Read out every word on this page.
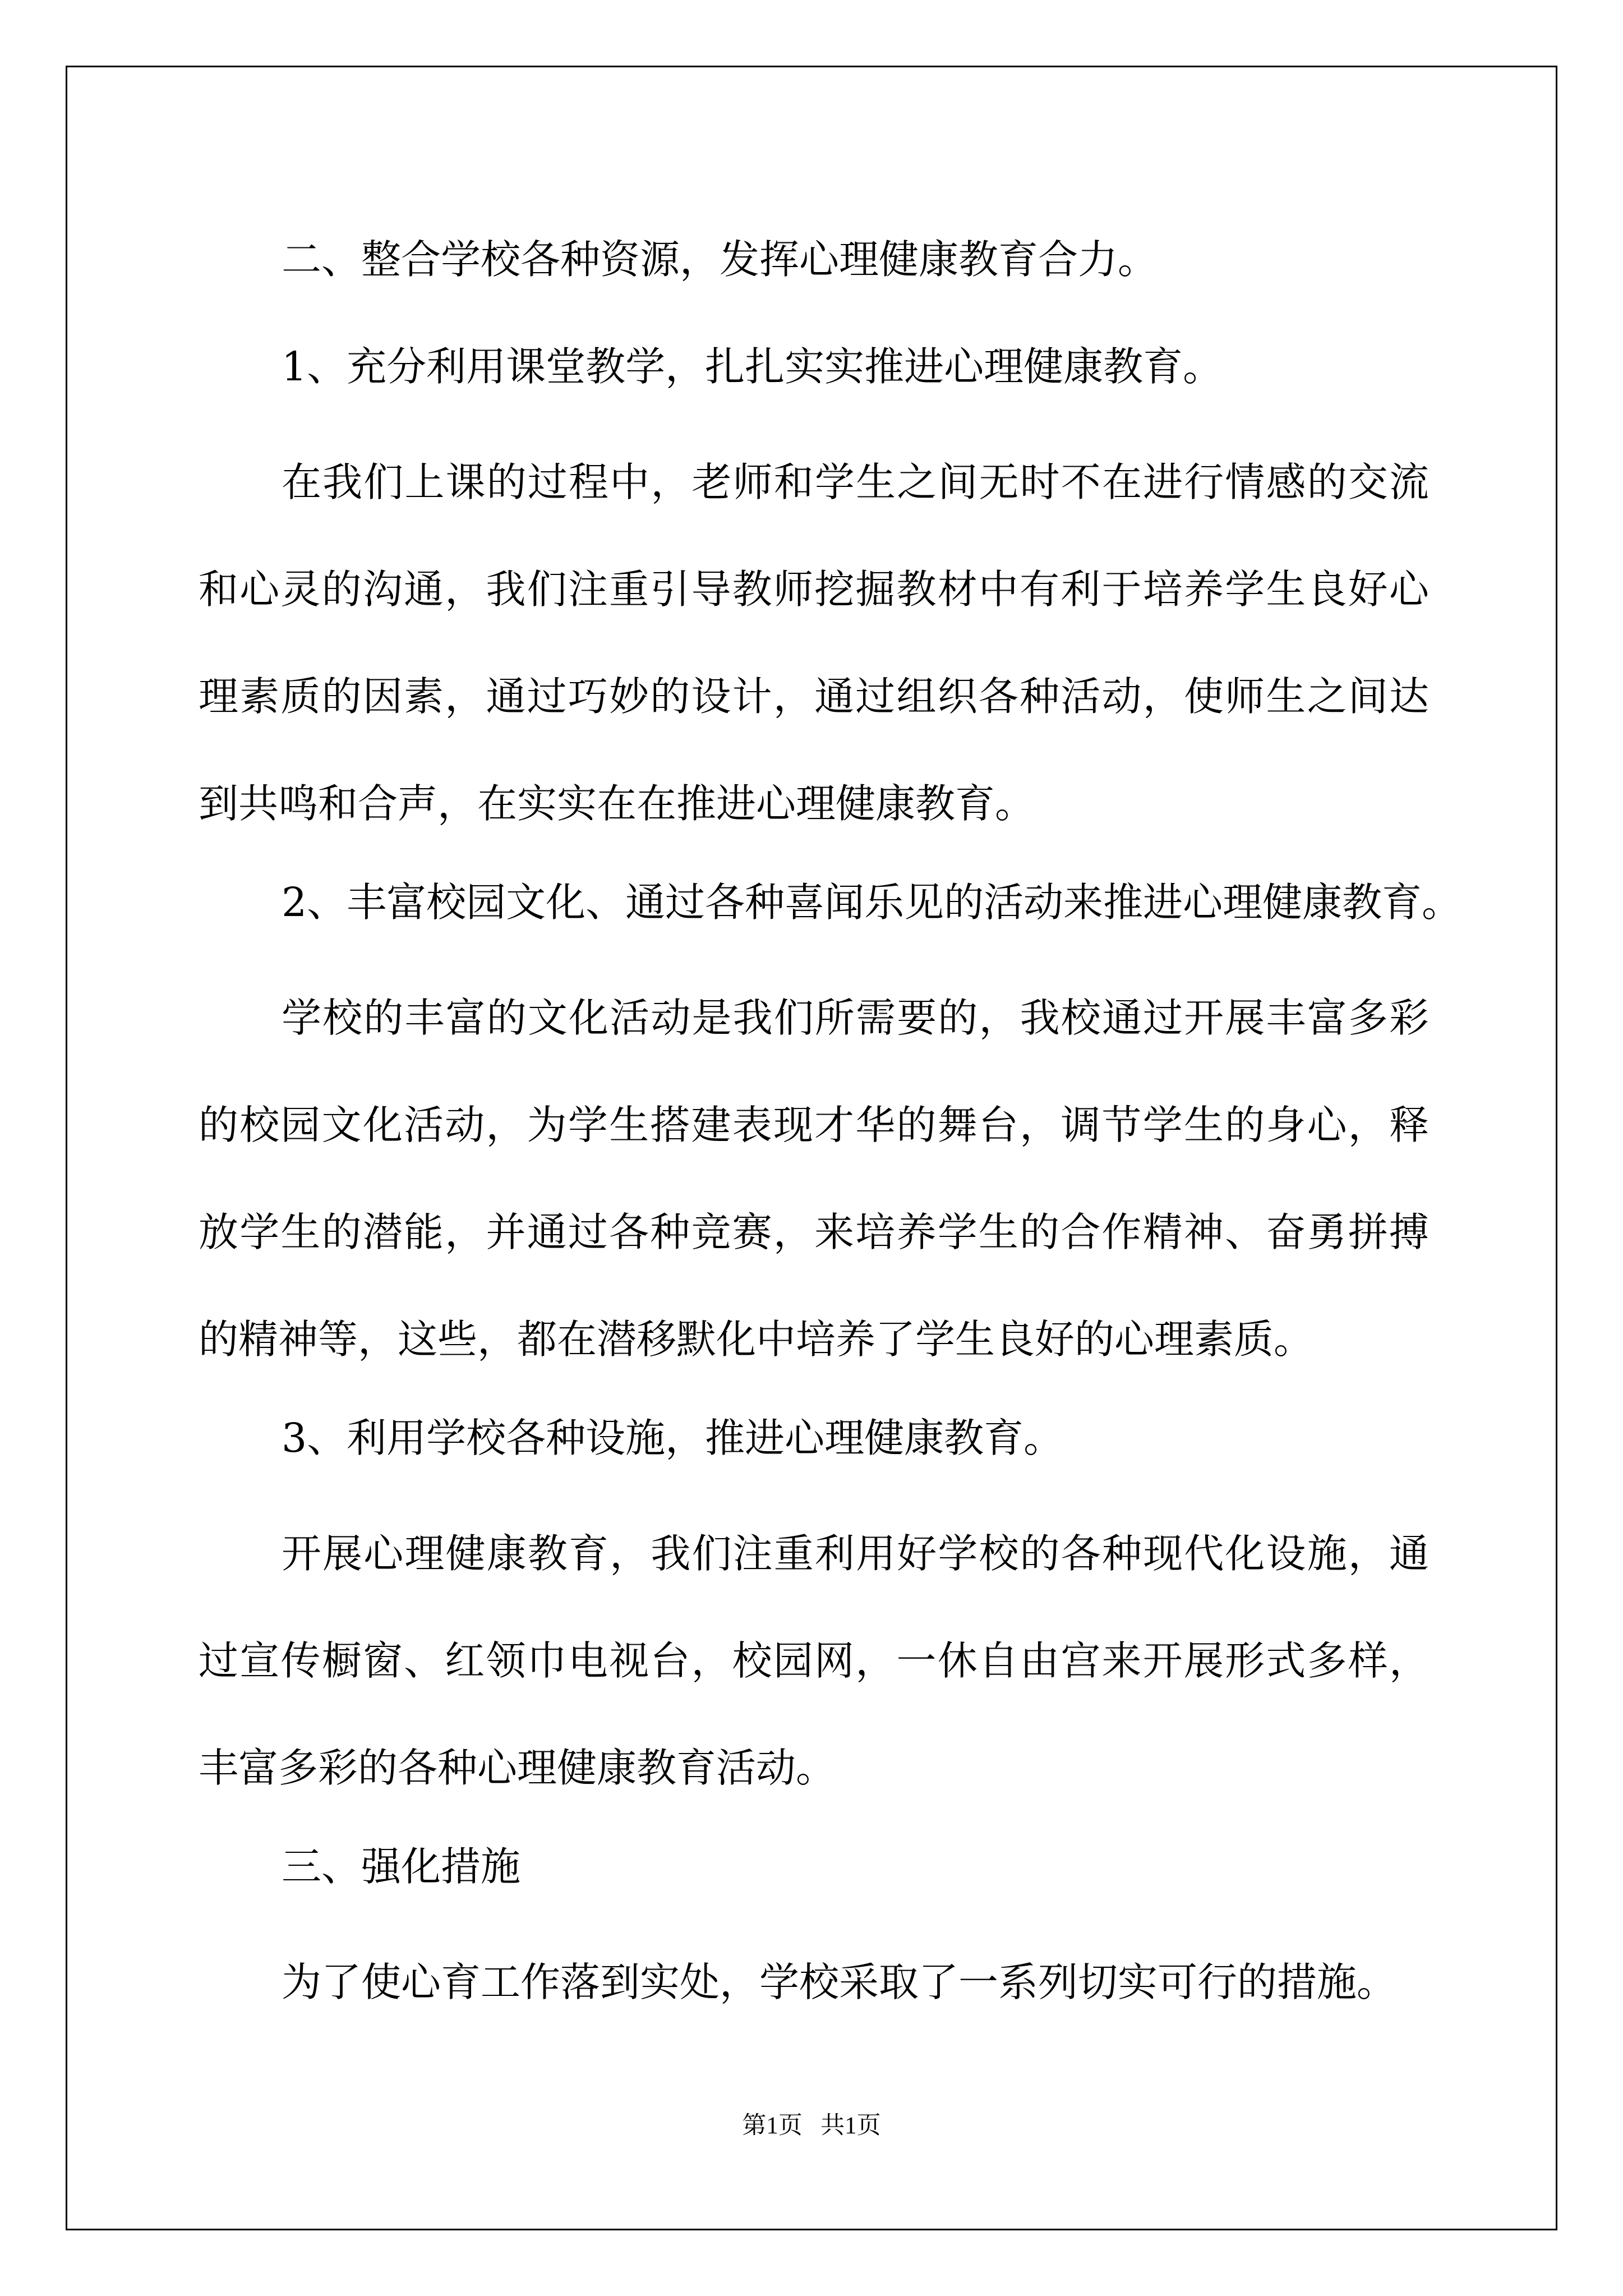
二、整合学校各种资源，发挥心理健康教育合力。

1、充分利用课堂教学，扎扎实实推进心理健康教育。

在我们上课的过程中，老师和学生之间无时不在进行情感的交流和心灵的沟通，我们注重引导教师挖掘教材中有利于培养学生良好心理素质的因素，通过巧妙的设计，通过组织各种活动，使师生之间达到共鸣和合声，在实实在在推进心理健康教育。

2、丰富校园文化、通过各种喜闻乐见的活动来推进心理健康教育。

学校的丰富的文化活动是我们所需要的，我校通过开展丰富多彩的校园文化活动，为学生搭建表现才华的舞台，调节学生的身心，释放学生的潜能，并通过各种竞赛，来培养学生的合作精神、奋勇拼搏的精神等，这些，都在潜移默化中培养了学生良好的心理素质。

3、利用学校各种设施，推进心理健康教育。

开展心理健康教育，我们注重利用好学校的各种现代化设施，通过宣传橱窗、红领巾电视台，校园网，一休自由宫来开展形式多样，丰富多彩的各种心理健康教育活动。

三、强化措施

为了使心育工作落到实处，学校采取了一系列切实可行的措施。

第1页   共1页
